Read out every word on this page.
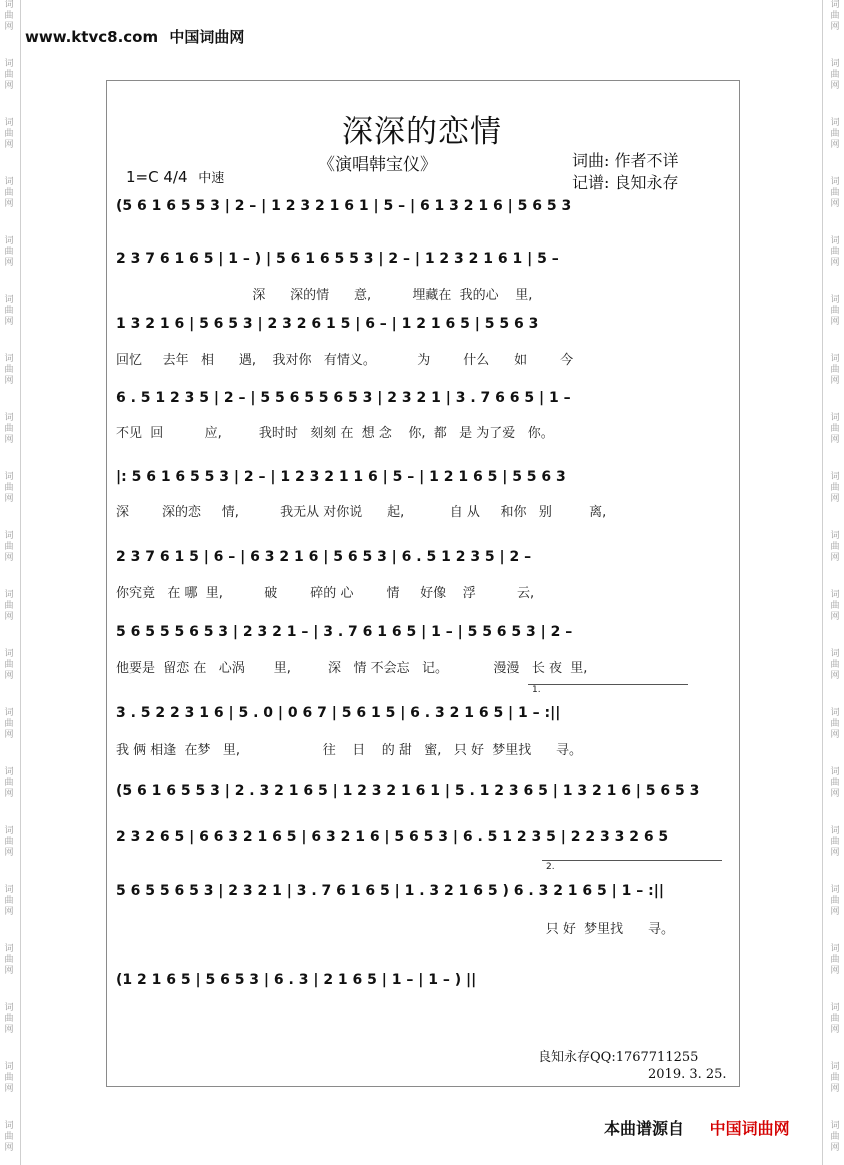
词
曲
网
词
曲
网
词
曲
网
词
曲
网
词
曲
网
词
曲
网
词
曲
网
词
曲
网
词
曲
网
词
曲
网
词
曲
网
词
曲
网
词
曲
网
词
曲
网
词
曲
网
词
曲
网
词
曲
网
词
曲
网
词
曲
网
词
曲
网
词
曲
网
词
曲
网
词
曲
网
词
曲
网
词
曲
网
词
曲
网
词
曲
网
词
曲
网
词
曲
网
词
曲
网
词
曲
网
词
曲
网
词
曲
网
词
曲
网
词
曲
网
词
曲
网
词
曲
网
词
曲
网
词
曲
网
词
曲
网
www.ktvc8.com 中国词曲网
深深的恋情
《演唱韩宝仪》	词曲: 作者不详
记谱: 良知永存
1=C 4/4 中速
(5 6 1 6 5 5 3 | 2 – | 1 2 3 2 1 6 1 | 5 – | 6 1 3 2 1 6 | 5 6 5 3
2 3 7 6 1 6 5 | 1 – ) | 5 6 1 6 5 5 3 | 2 – | 1 2 3 2 1 6 1 | 5 –
深      深的情      意,          埋藏在  我的心    里,
1 3 2 1 6 | 5 6 5 3 | 2 3 2 6 1 5 | 6 – | 1 2 1 6 5 | 5 5 6 3
回忆     去年   相      遇,    我对你   有情义。          为        什么      如        今
6 . 5 1 2 3 5 | 2 – | 5 5 6 5 5 6 5 3 | 2 3 2 1 | 3 . 7 6 6 5 | 1 –
不见  回          应,         我时时   刻刻 在  想 念    你,  都   是 为了爱   你。
|: 5 6 1 6 5 5 3 | 2 – | 1 2 3 2 1 1 6 | 5 – | 1 2 1 6 5 | 5 5 6 3
深        深的恋     情,          我无从 对你说      起,           自 从     和你   别         离,
2 3 7 6 1 5 | 6 – | 6 3 2 1 6 | 5 6 5 3 | 6 . 5 1 2 3 5 | 2 –
你究竟   在 哪  里,          破        碎的 心        情     好像    浮          云,
5 6 5 5 5 6 5 3 | 2 3 2 1 – | 3 . 7 6 1 6 5 | 1 – | 5 5 6 5 3 | 2 –
他要是  留恋 在   心涡       里,         深   情 不会忘   记。           漫漫   长 夜  里,
1.
3 . 5 2 2 3 1 6 | 5 . 0 | 0 6 7 | 5 6 1 5 | 6 . 3 2 1 6 5 | 1 – :||
我 俩 相逢  在梦   里,                    往    日    的 甜   蜜,   只 好  梦里找      寻。
(5 6 1 6 5 5 3 | 2 . 3 2 1 6 5 | 1 2 3 2 1 6 1 | 5 . 1 2 3 6 5 | 1 3 2 1 6 | 5 6 5 3
2 3 2 6 5 | 6 6 3 2 1 6 5 | 6 3 2 1 6 | 5 6 5 3 | 6 . 5 1 2 3 5 | 2 2 3 3 2 6 5
2.
5 6 5 5 6 5 3 | 2 3 2 1 | 3 . 7 6 1 6 5 | 1 . 3 2 1 6 5 ) 6 . 3 2 1 6 5 | 1 – :||
只 好  梦里找      寻。
(1 2 1 6 5 | 5 6 5 3 | 6 . 3 | 2 1 6 5 | 1 – | 1 – ) ||
良知永存QQ:1767711255
2019. 3. 25.
本曲谱源自 中国词曲网
